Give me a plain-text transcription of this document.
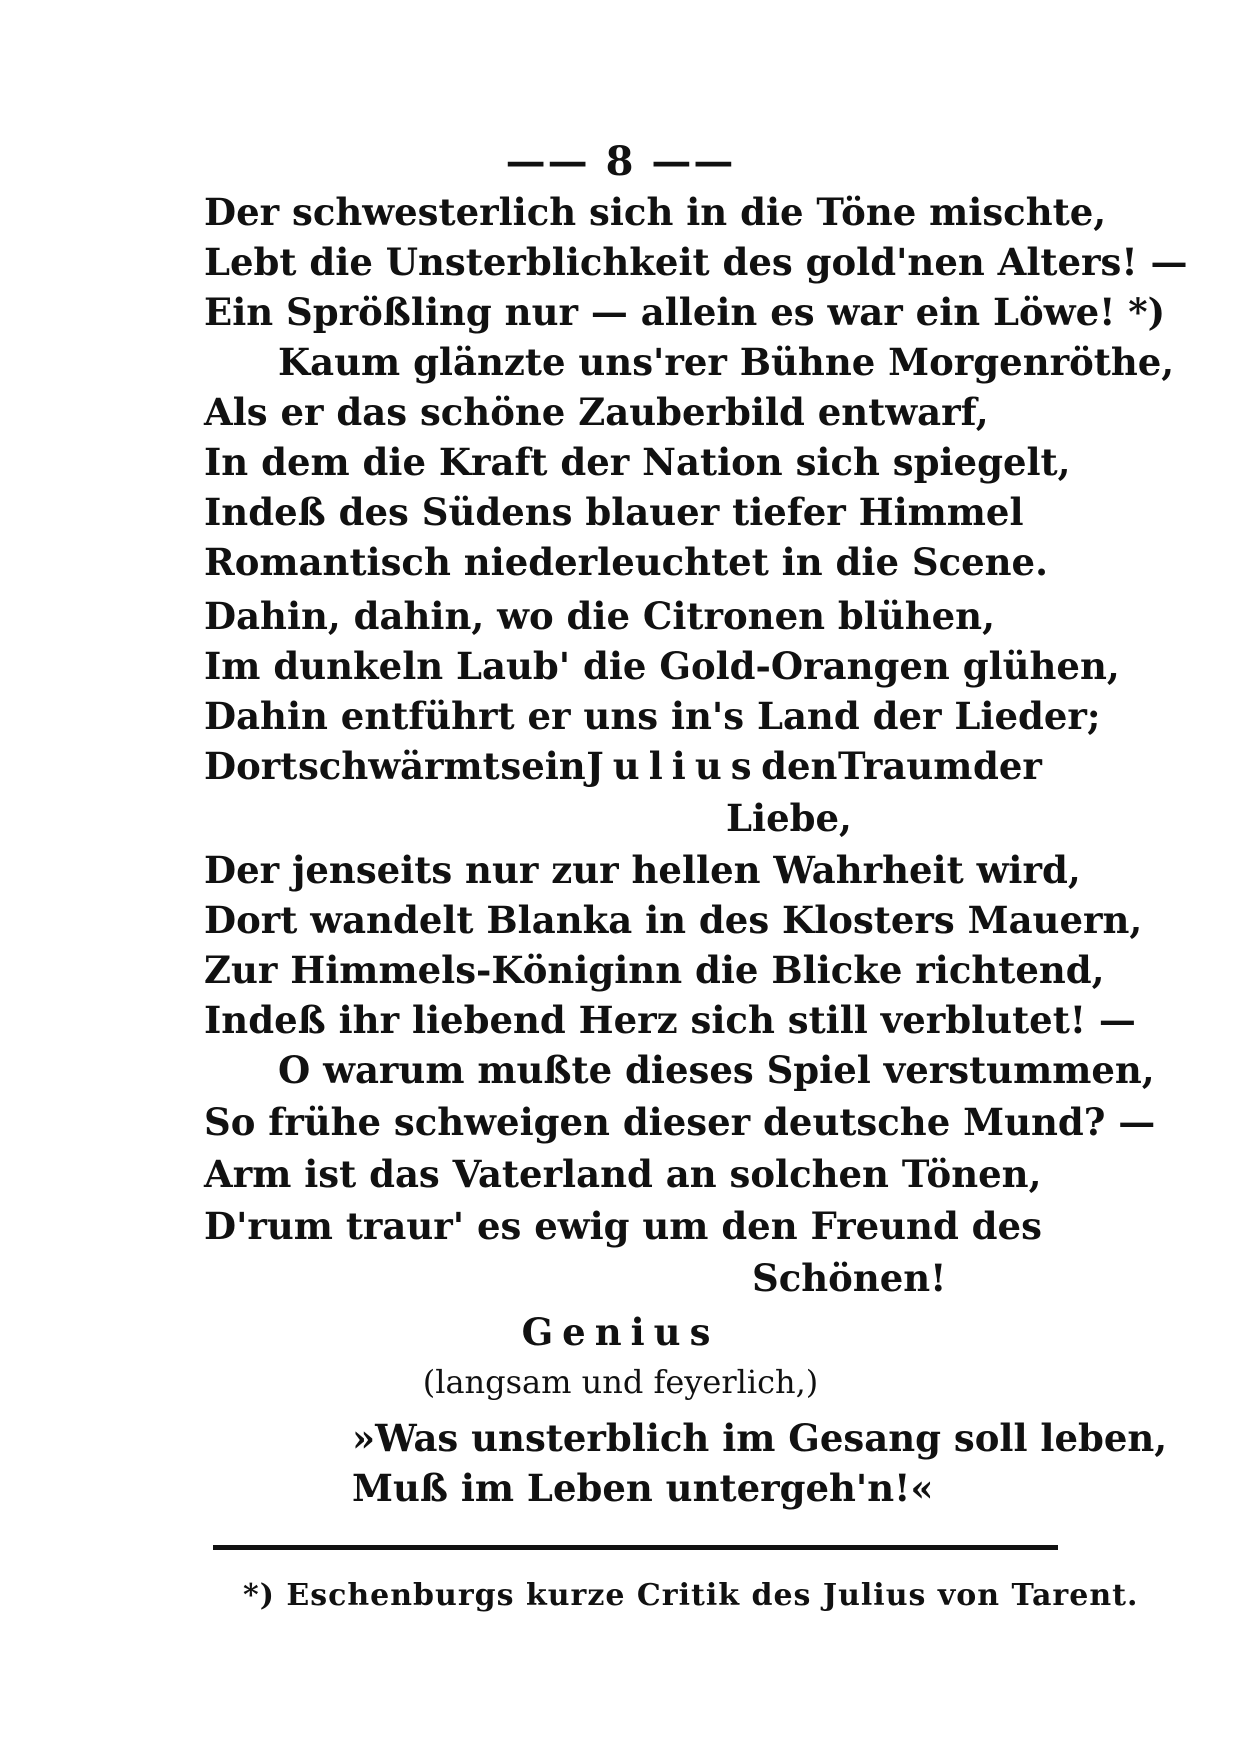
—— 8 ——
Der schwesterlich sich in die Töne mischte,
Lebt die Unsterblichkeit des gold'nen Alters! —
Ein Sprößling nur — allein es war ein Löwe! *)
Kaum glänzte uns'rer Bühne Morgenröthe,
Als er das schöne Zauberbild entwarf,
In dem die Kraft der Nation sich spiegelt,
Indeß des Südens blauer tiefer Himmel
Romantisch niederleuchtet in die Scene.
Dahin, dahin, wo die Citronen blühen,
Im dunkeln Laub' die Gold-Orangen glühen,
Dahin entführt er uns in's Land der Lieder;
Dort schwärmt sein Julius den Traum der
Liebe,
Der jenseits nur zur hellen Wahrheit wird,
Dort wandelt Blanka in des Klosters Mauern,
Zur Himmels-Königinn die Blicke richtend,
Indeß ihr liebend Herz sich still verblutet! —
O warum mußte dieses Spiel verstummen,
So frühe schweigen dieser deutsche Mund? —
Arm ist das Vaterland an solchen Tönen,
D'rum traur' es ewig um den Freund des
Schönen!
Genius
(langsam und feyerlich,)
»Was unsterblich im Gesang soll leben,
Muß im Leben untergeh'n!«
*) Eschenburgs kurze Critik des Julius von Tarent.
